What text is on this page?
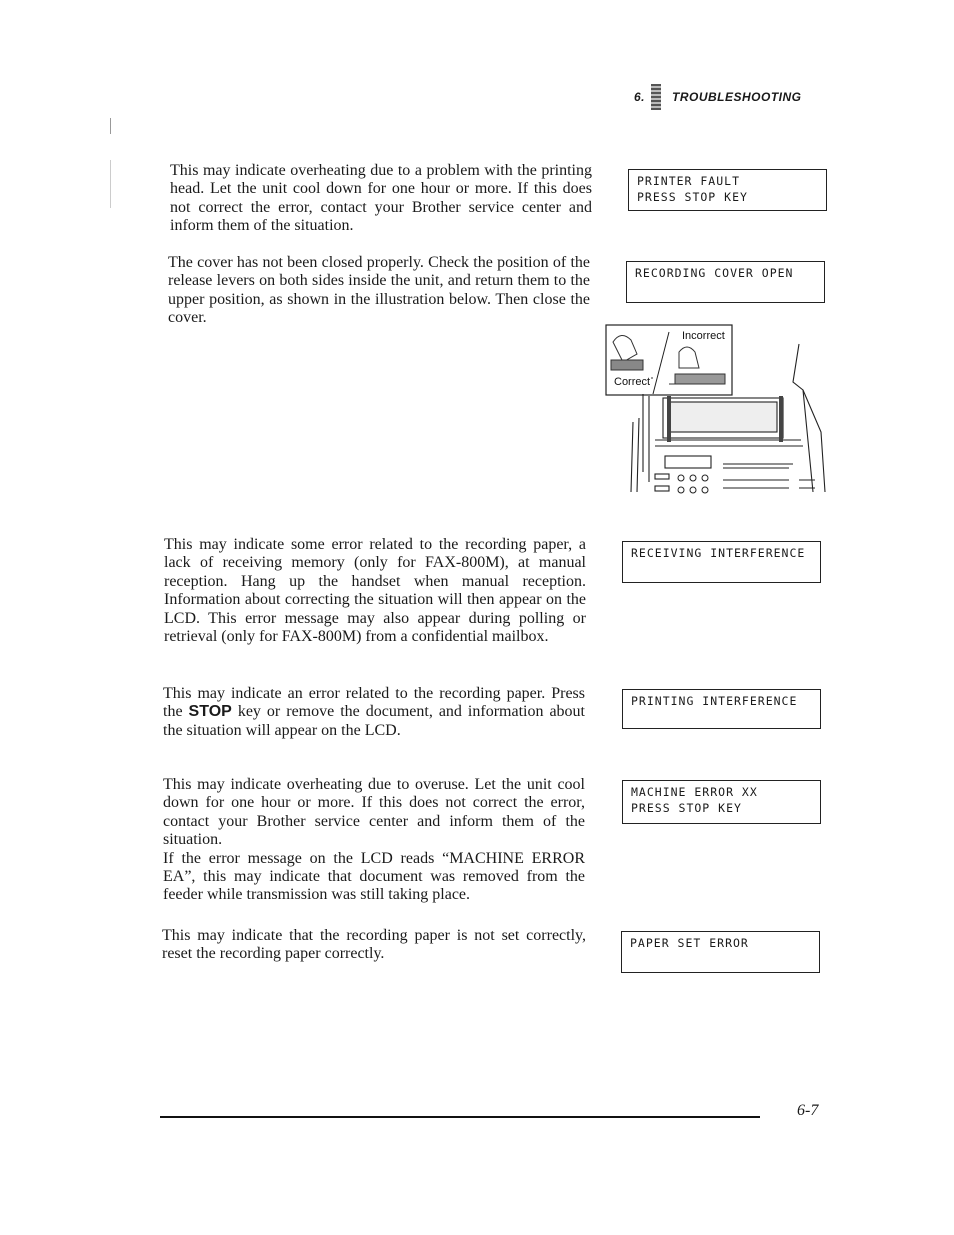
6. TROUBLESHOOTING

This may indicate overheating due to a problem with the printing head. Let the unit cool down for one hour or more. If this does not correct the error, contact your Brother service center and inform them of the situation.

PRINTER FAULT
PRESS STOP KEY

The cover has not been closed properly. Check the position of the release levers on both sides inside the unit, and return them to the upper position, as shown in the illustration below. Then close the cover.

RECORDING COVER OPEN
Incorrect
Correct

This may indicate some error related to the recording paper, a lack of receiving memory (only for FAX-800M), at manual reception. Hang up the handset when manual reception. Information about correcting the situation will then appear on the LCD. This error message may also appear during polling or retrieval (only for FAX-800M) from a confidential mailbox.

RECEIVING INTERFERENCE

This may indicate an error related to the recording paper. Press the STOP key or remove the document, and information about the situation will appear on the LCD.

PRINTING INTERFERENCE
This may indicate overheating due to overuse. Let the unit cool down for one hour or more. If this does not correct the error, contact your Brother service center and inform them of the situation.
If the error message on the LCD reads “MACHINE ERROR EA”, this may indicate that document was removed from the feeder while transmission was still taking place.
MACHINE ERROR XX
PRESS STOP KEY

This may indicate that the recording paper is not set correctly, reset the recording paper correctly.

PAPER SET ERROR
6-7
